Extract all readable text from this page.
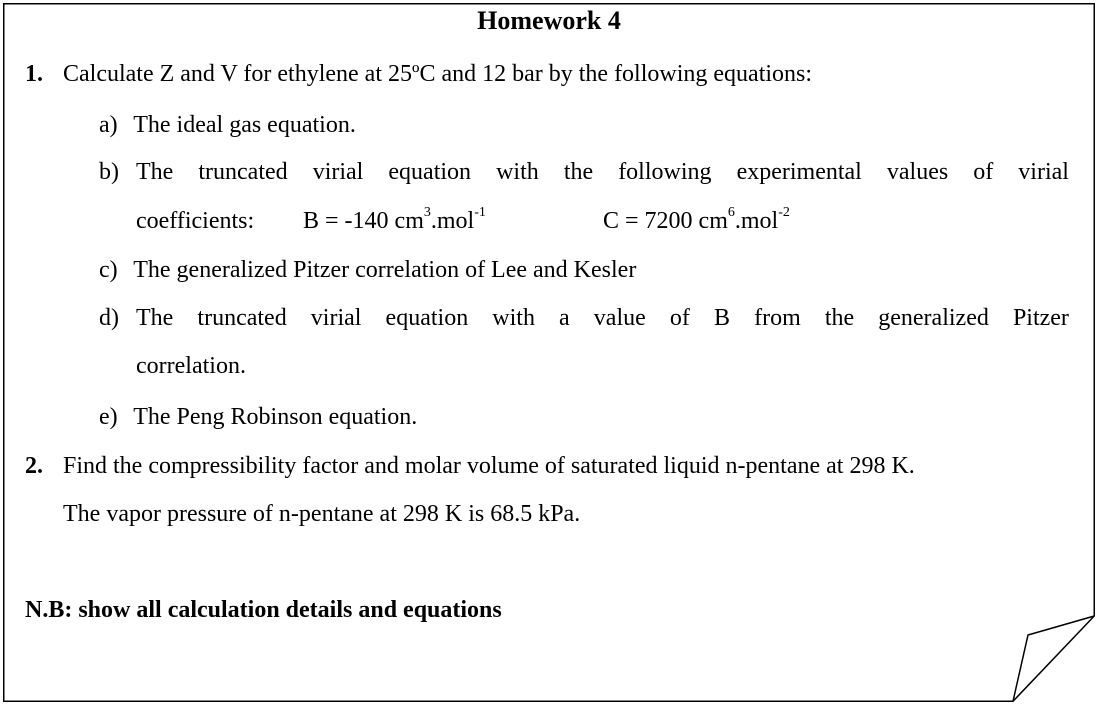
Homework 4
1. Calculate Z and V for ethylene at 25ºC and 12 bar by the following equations:
a) The ideal gas equation.
b) The truncated virial equation with the following experimental values of virial
coefficients: B = -140 $cm^3.mol^{-1}$	C = 7200 $cm^6.mol^{-2}$
c) The generalized Pitzer correlation of Lee and Kesler
d) The truncated virial equation with a value of B from the generalized Pitzer
correlation.
e) The Peng Robinson equation.
2. Find the compressibility factor and molar volume of saturated liquid n-pentane at 298 K.
The vapor pressure of n-pentane at 298 K is 68.5 kPa.
N.B: show all calculation details and equations
